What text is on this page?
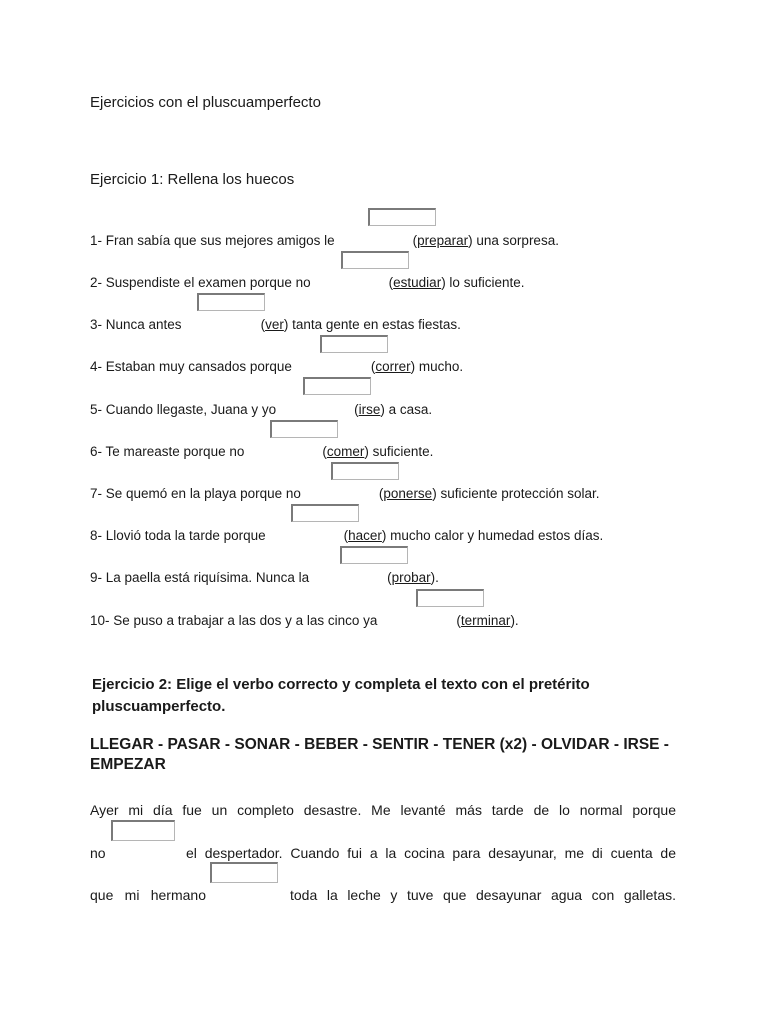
Ejercicios con el pluscuamperfecto
Ejercicio 1: Rellena los huecos
1- Fran sabía que sus mejores amigos le	(preparar) una sorpresa.
2- Suspendiste el examen porque no	(estudiar) lo suficiente.
3- Nunca antes	(ver) tanta gente en estas fiestas.
4- Estaban muy cansados porque	(correr) mucho.
5- Cuando llegaste, Juana y yo	(irse) a casa.
6- Te mareaste porque no	(comer) suficiente.
7- Se quemó en la playa porque no	(ponerse) suficiente protección solar.
8- Llovió toda la tarde porque	(hacer) mucho calor y humedad estos días.
9- La paella está riquísima. Nunca la	(probar).
10- Se puso a trabajar a las dos y a las cinco ya	(terminar).
Ejercicio 2: Elige el verbo correcto y completa el texto con el pretérito pluscuamperfecto.
LLEGAR - PASAR - SONAR - BEBER - SENTIR - TENER (x2) - OLVIDAR - IRSE - EMPEZAR
Ayer mi día fue un completo desastre. Me levanté más tarde de lo normal porque
no	el despertador. Cuando fui a la cocina para desayunar, me di cuenta de
que mi hermano	toda la leche y tuve que desayunar agua con galletas.
